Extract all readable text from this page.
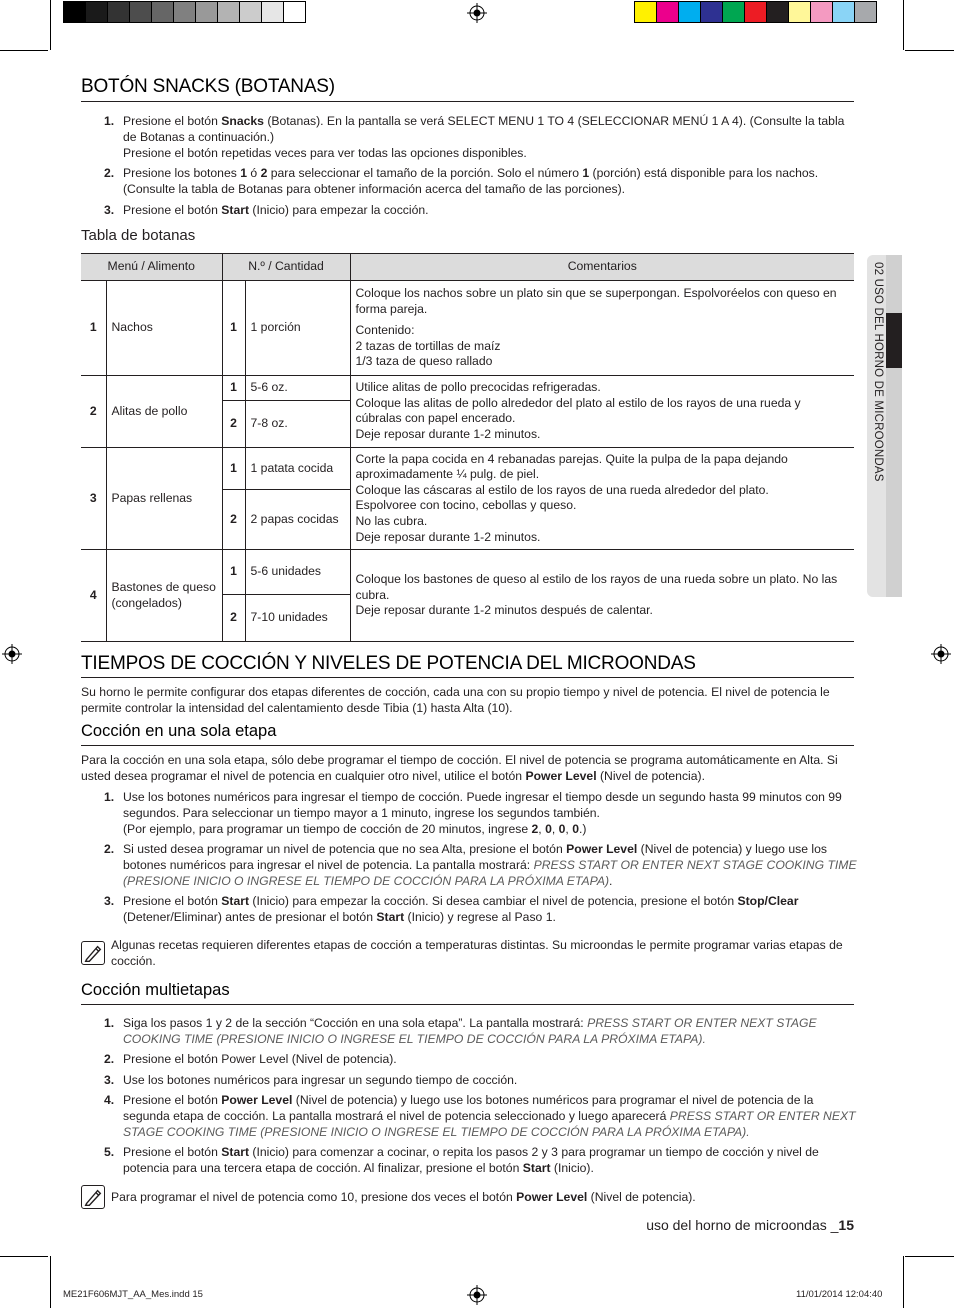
02 USO DEL HORNO DE MICROONDAS
BOTÓN SNACKS (BOTANAS)
1. Presione el botón Snacks (Botanas). En la pantalla se verá SELECT MENU 1 TO 4 (SELECCIONAR MENÚ 1 A 4). (Consulte la tabla
de Botanas a continuación.)
Presione el botón repetidas veces para ver todas las opciones disponibles.
2. Presione los botones 1 ó 2 para seleccionar el tamaño de la porción. Solo el número 1 (porción) está disponible para los nachos.
(Consulte la tabla de Botanas para obtener información acerca del tamaño de las porciones).
3. Presione el botón Start (Inicio) para empezar la cocción.
Tabla de botanas
Menú / Alimento		N.º / Cantidad		Comentarios
1	Nachos	1	1 porción	Coloque los nachos sobre un plato sin que se superpongan. Espolvoréelos con queso en forma pareja.
Contenido:
2 tazas de tortillas de maíz
1/3 taza de queso rallado

2	Alitas de pollo	1	5-6 oz.	Utilice alitas de pollo precocidas refrigeradas.
Coloque las alitas de pollo alrededor del plato al estilo de los rayos de una rueda y cúbralas con papel encerado.
Deje reposar durante 1-2 minutos.

		2	7-8 oz.	
3	Papas rellenas	1	1 patata cocida	Corte la papa cocida en 4 rebanadas parejas. Quite la pulpa de la papa dejando aproximadamente ¼ pulg. de piel.
Coloque las cáscaras al estilo de los rayos de una rueda alrededor del plato.
Espolvoree con tocino, cebollas y queso.
No las cubra.
Deje reposar durante 1-2 minutos.

		2	2 papas cocidas	
4	Bastones de queso (congelados)	1	5-6 unidades	Coloque los bastones de queso al estilo de los rayos de una rueda sobre un plato. No las cubra.
Deje reposar durante 1-2 minutos después de calentar.

		2	7-10 unidades	
TIEMPOS DE COCCIÓN Y NIVELES DE POTENCIA DEL MICROONDAS
Su horno le permite configurar dos etapas diferentes de cocción, cada una con su propio tiempo y nivel de potencia. El nivel de potencia le
permite controlar la intensidad del calentamiento desde Tibia (1) hasta Alta (10).
Cocción en una sola etapa
Para la cocción en una sola etapa, sólo debe programar el tiempo de cocción. El nivel de potencia se programa automáticamente en Alta. Si
usted desea programar el nivel de potencia en cualquier otro nivel, utilice el botón Power Level (Nivel de potencia).
1. Use los botones numéricos para ingresar el tiempo de cocción. Puede ingresar el tiempo desde un segundo hasta 99 minutos con 99
segundos. Para seleccionar un tiempo mayor a 1 minuto, ingrese los segundos también.
(Por ejemplo, para programar un tiempo de cocción de 20 minutos, ingrese 2, 0, 0, 0.)
2. Si usted desea programar un nivel de potencia que no sea Alta, presione el botón Power Level (Nivel de potencia) y luego use los
botones numéricos para ingresar el nivel de potencia. La pantalla mostrará: PRESS START OR ENTER NEXT STAGE COOKING TIME
(PRESIONE INICIO O INGRESE EL TIEMPO DE COCCIÓN PARA LA PRÓXIMA ETAPA).
3. Presione el botón Start (Inicio) para empezar la cocción. Si desea cambiar el nivel de potencia, presione el botón Stop/Clear
(Detener/Eliminar) antes de presionar el botón Start (Inicio) y regrese al Paso 1.
Algunas recetas requieren diferentes etapas de cocción a temperaturas distintas. Su microondas le permite programar varias etapas de
cocción.
Cocción multietapas
1. Siga los pasos 1 y 2 de la sección “Cocción en una sola etapa”. La pantalla mostrará: PRESS START OR ENTER NEXT STAGE
COOKING TIME (PRESIONE INICIO O INGRESE EL TIEMPO DE COCCIÓN PARA LA PRÓXIMA ETAPA).
2. Presione el botón Power Level (Nivel de potencia).
3. Use los botones numéricos para ingresar un segundo tiempo de cocción.
4. Presione el botón Power Level (Nivel de potencia) y luego use los botones numéricos para programar el nivel de potencia de la
segunda etapa de cocción. La pantalla mostrará el nivel de potencia seleccionado y luego aparecerá PRESS START OR ENTER NEXT
STAGE COOKING TIME (PRESIONE INICIO O INGRESE EL TIEMPO DE COCCIÓN PARA LA PRÓXIMA ETAPA).
5. Presione el botón Start (Inicio) para comenzar a cocinar, o repita los pasos 2 y 3 para programar un tiempo de cocción y nivel de
potencia para una tercera etapa de cocción. Al finalizar, presione el botón Start (Inicio).
Para programar el nivel de potencia como 10, presione dos veces el botón Power Level (Nivel de potencia).
uso del horno de microondas _15
ME21F606MJT_AA_Mes.indd 15	11/01/2014 12:04:40
